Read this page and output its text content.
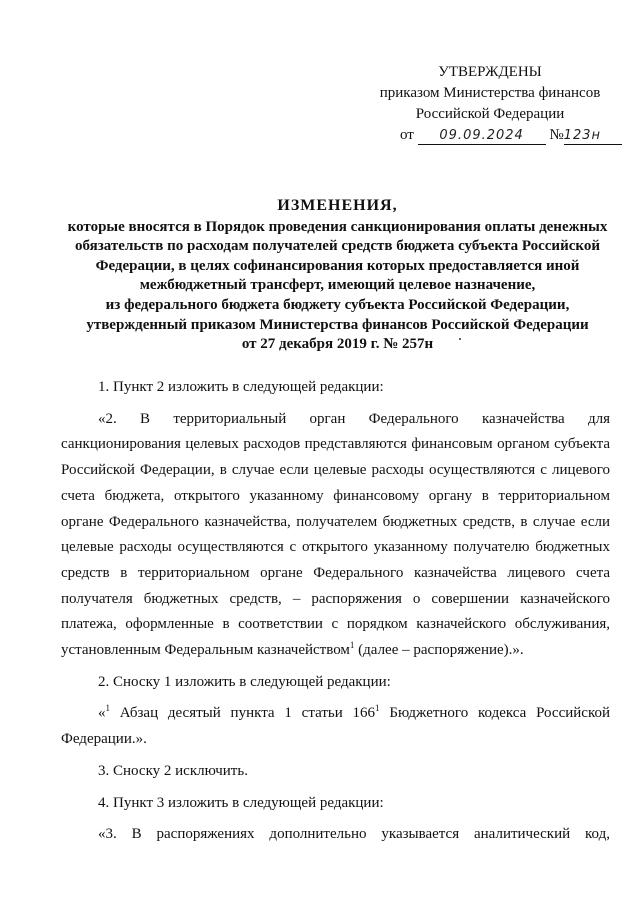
УТВЕРЖДЕНЫ
приказом Министерства финансов
Российской Федерации
от 09.09.2024 №123н
ИЗМЕНЕНИЯ,
которые вносятся в Порядок проведения санкционирования оплаты денежных
обязательств по расходам получателей средств бюджета субъекта Российской
Федерации, в целях софинансирования которых предоставляется иной
межбюджетный трансферт, имеющий целевое назначение,
из федерального бюджета бюджету субъекта Российской Федерации,
утвержденный приказом Министерства финансов Российской Федерации
от 27 декабря 2019 г. № 257н

1. Пункт 2 изложить в следующей редакции:

«2. В территориальный орган Федерального казначейства для санкционирования целевых расходов представляются финансовым органом субъекта Российской Федерации, в случае если целевые расходы осуществляются с лицевого счета бюджета, открытого указанному финансовому органу в территориальном органе Федерального казначейства, получателем бюджетных средств, в случае если целевые расходы осуществляются с открытого указанному получателю бюджетных средств в территориальном органе Федерального казначейства лицевого счета получателя бюджетных средств, – распоряжения о совершении казначейского платежа, оформленные в соответствии с порядком казначейского обслуживания, установленным Федеральным казначейством$^1$ (далее – распоряжение).».

2. Сноску 1 изложить в следующей редакции:

«$^1$ Абзац десятый пункта 1 статьи $166^1$ Бюджетного кодекса Российской Федерации.».

3. Сноску 2 исключить.

4. Пункт 3 изложить в следующей редакции:

«3. В распоряжениях дополнительно указывается аналитический код,
